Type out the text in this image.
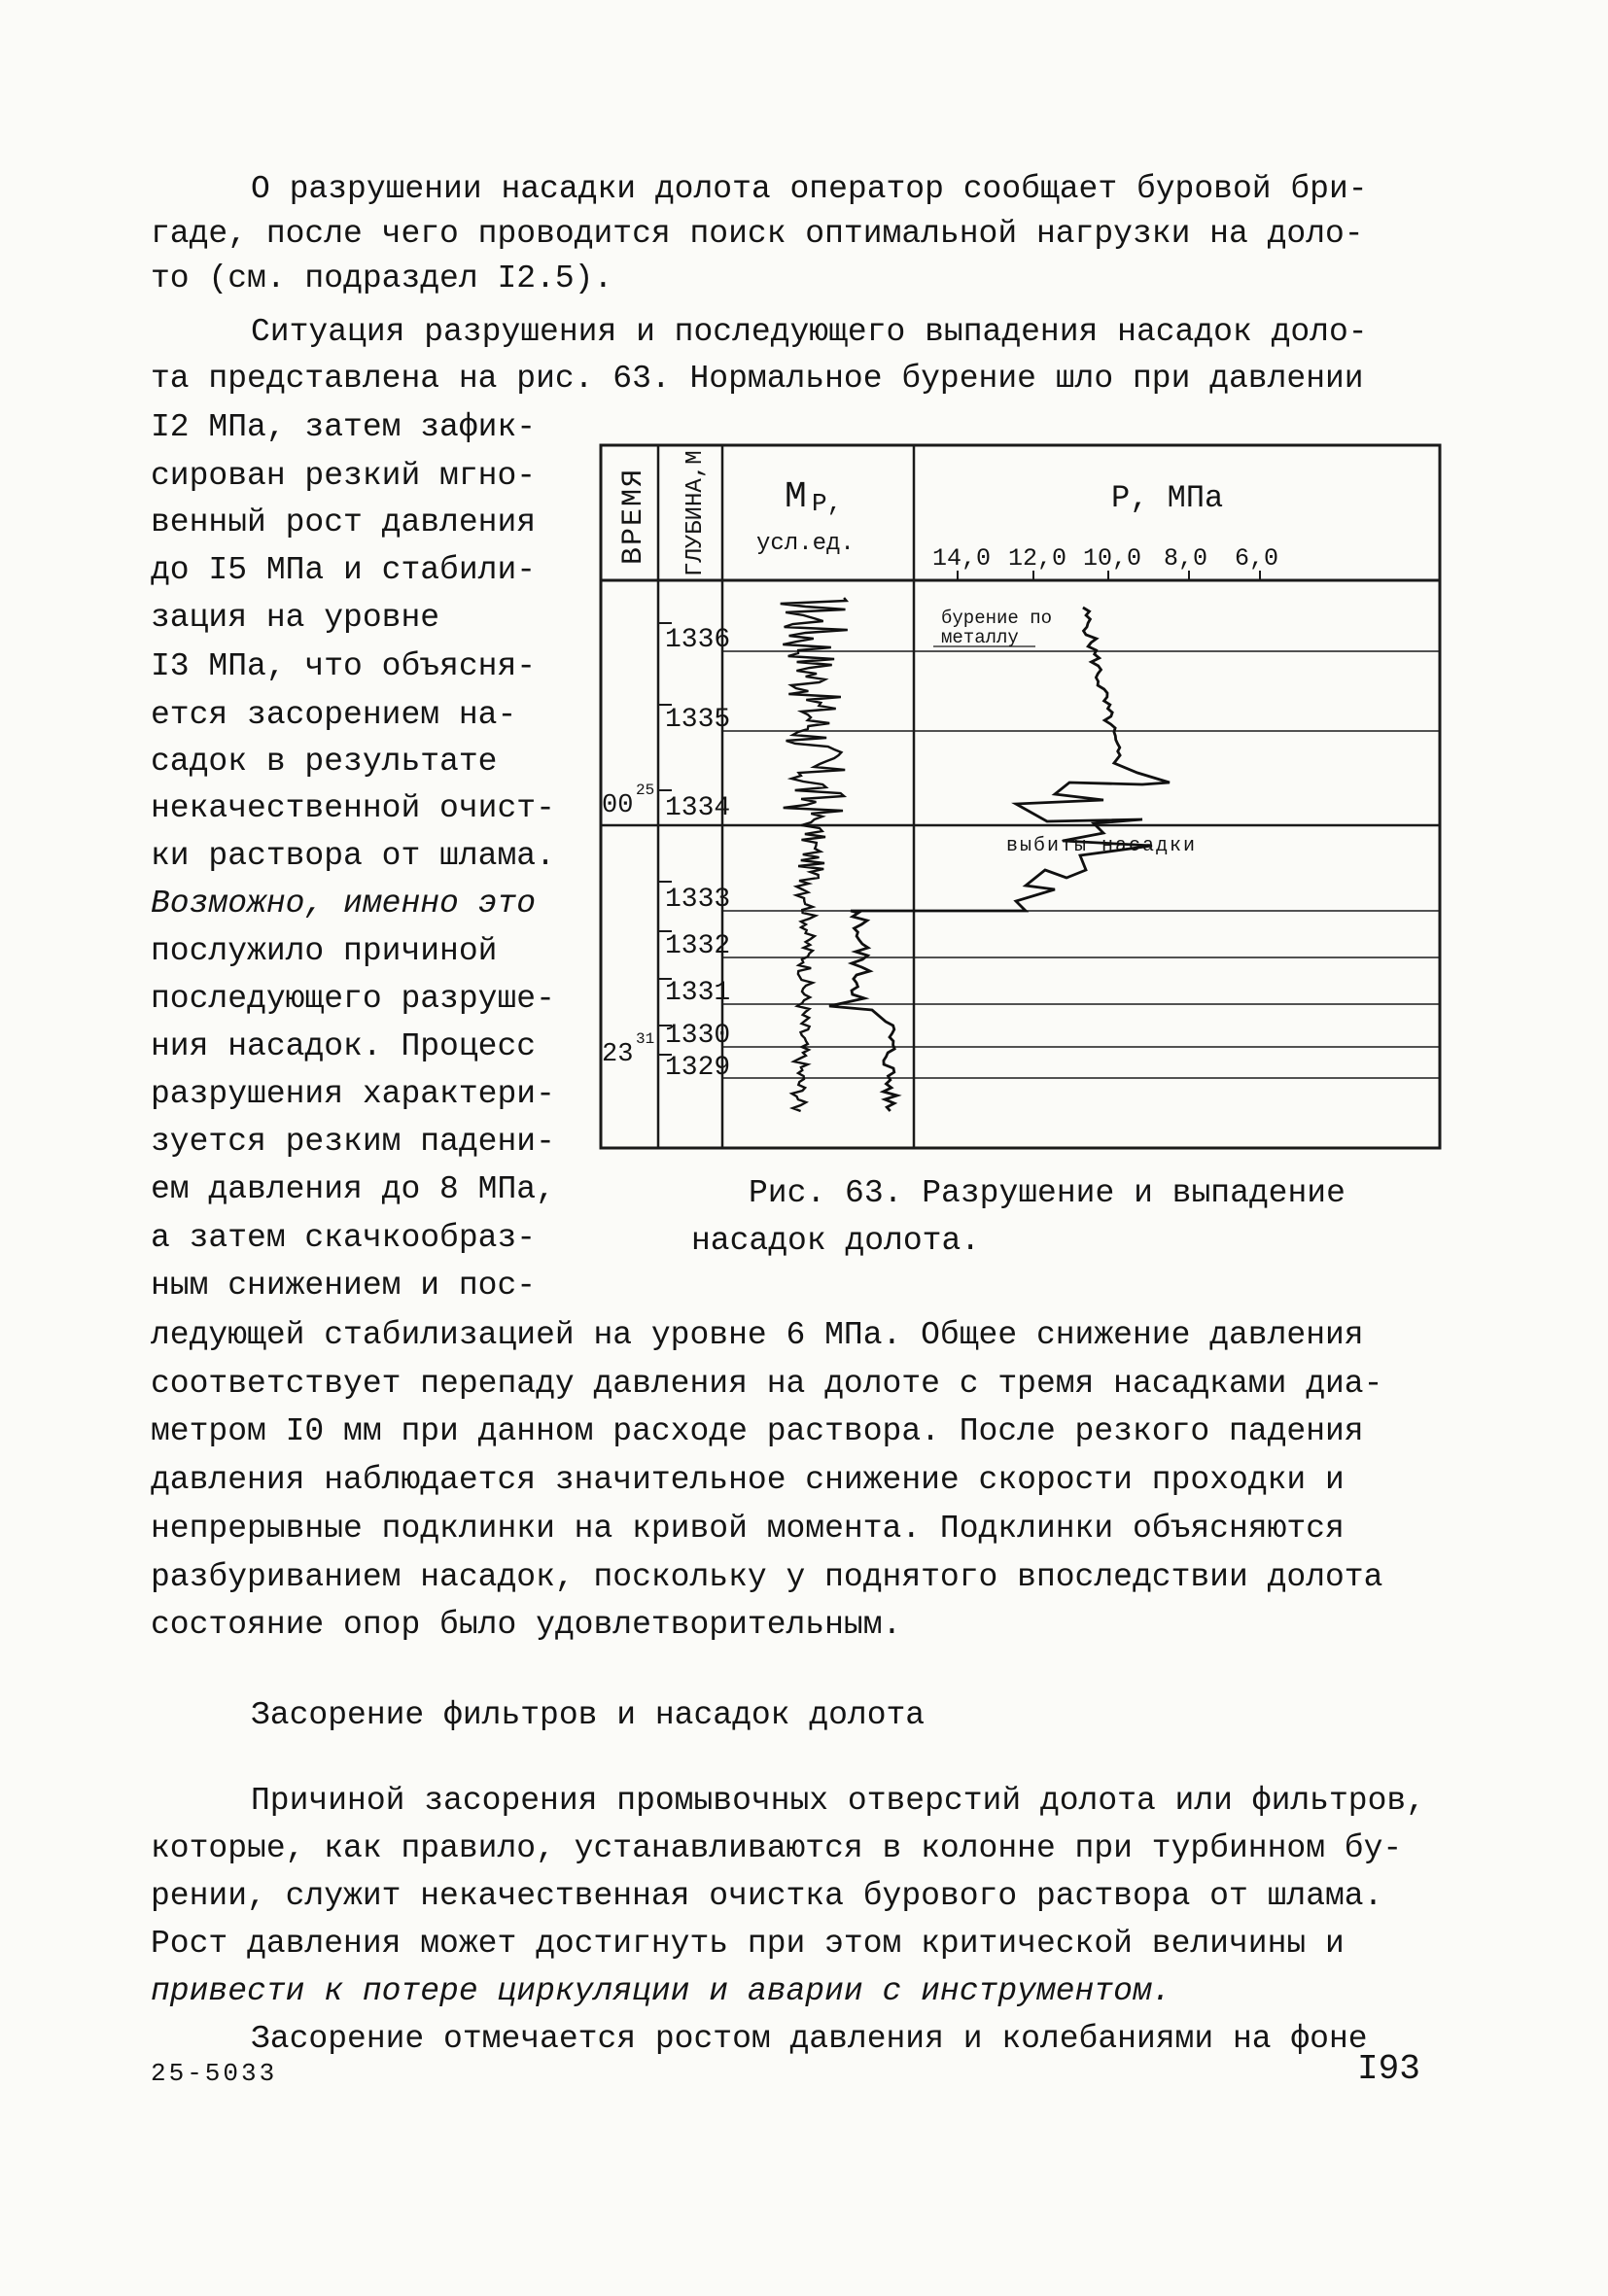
О разрушении насадки долота оператор сообщает буровой бри-
гаде, после чего проводится поиск оптимальной нагрузки на доло-
то (см. подраздел I2.5).
Ситуация разрушения и последующего выпадения насадок доло-
та представлена на рис. 63. Нормальное бурение шло при давлении
I2 МПа, затем зафик-
сирован резкий мгно-
венный рост давления
до I5 МПа и стабили-
зация на уровне
I3 МПа, что объясня-
ется засорением на-
садок в результате
некачественной очист-
ки раствора от шлама.
Возможно, именно это
послужило причиной
последующего разруше-
ния насадок. Процесс
разрушения характери-
зуется резким падени-
ем давления до 8 МПа,
а затем скачкообраз-
ным снижением и пос-
ВРЕМЯ ГЛУБИНА,М М Р,
усл.ед.
Р, МПа
14,0 12,0 10,0 8,0 6,0
бурение по
металлу
выбиты насадки
00
25
23
31
1336
1335
1334
1333
1332
1331
1330
1329
Рис. 63. Разрушение и выпадение
насадок долота.
ледующей стабилизацией на уровне 6 МПа. Общее снижение давления
соответствует перепаду давления на долоте с тремя насадками диа-
метром I0 мм при данном расходе раствора. После резкого падения
давления наблюдается значительное снижение скорости проходки и
непрерывные подклинки на кривой момента. Подклинки объясняются
разбуриванием насадок, поскольку у поднятого впоследствии долота
состояние опор было удовлетворительным.
Засорение фильтров и насадок долота
Причиной засорения промывочных отверстий долота или фильтров,
которые, как правило, устанавливаются в колонне при турбинном бу-
рении, служит некачественная очистка бурового раствора от шлама.
Рост давления может достигнуть при этом критической величины и
привести к потере циркуляции и аварии с инструментом.
Засорение отмечается ростом давления и колебаниями на фоне
25-5033	I93
